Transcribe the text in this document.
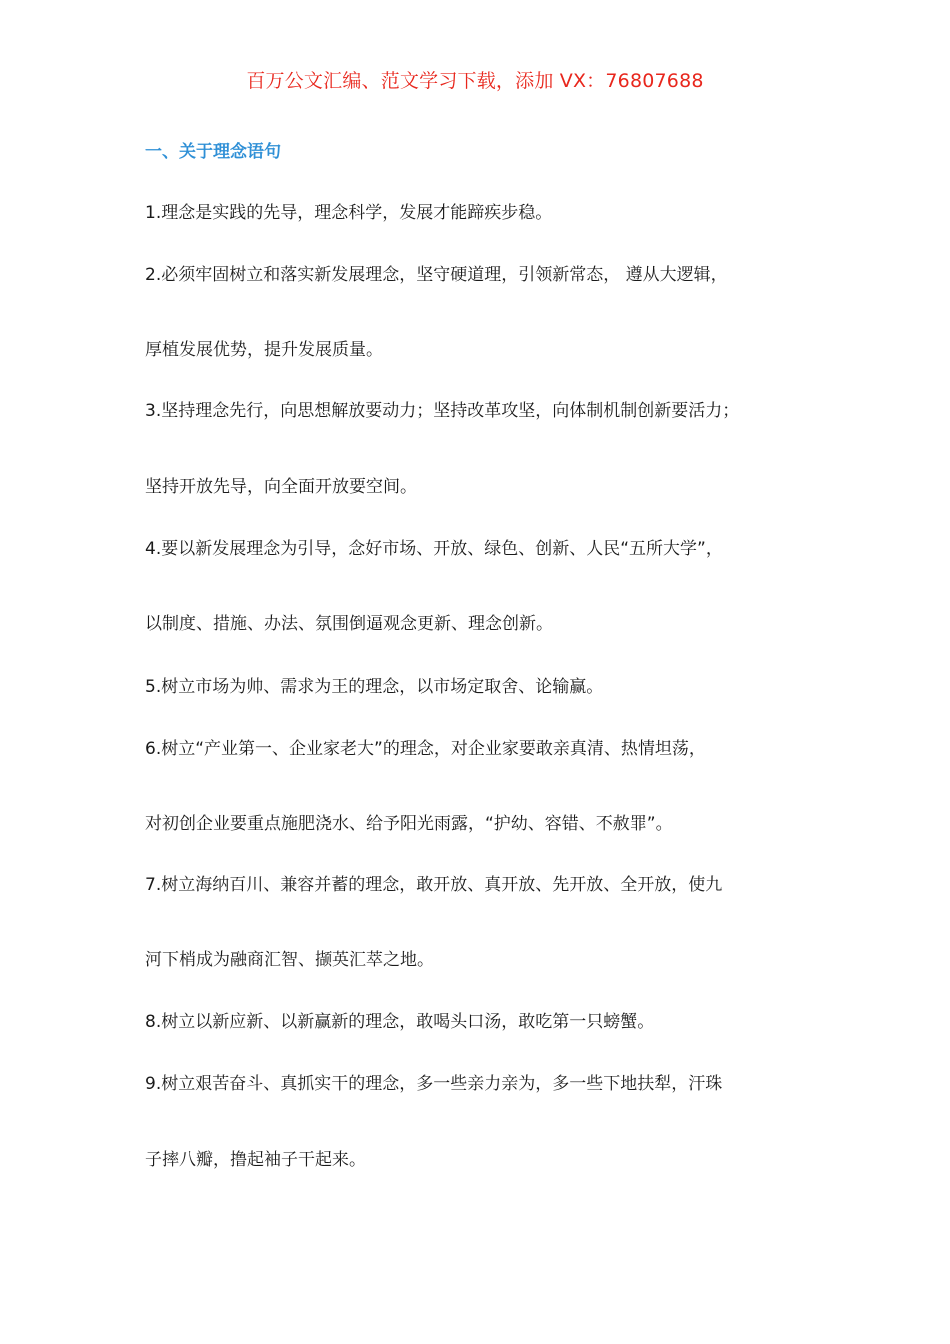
百万公文汇编、范文学习下载，添加 VX：76807688
一、关于理念语句
1.理念是实践的先导，理念科学，发展才能蹄疾步稳。
2.必须牢固树立和落实新发展理念，坚守硬道理，引领新常态， 遵从大逻辑，
厚植发展优势，提升发展质量。
3.坚持理念先行，向思想解放要动力；坚持改革攻坚，向体制机制创新要活力；
坚持开放先导，向全面开放要空间。
4.要以新发展理念为引导，念好市场、开放、绿色、创新、人民“五所大学”，
以制度、措施、办法、氛围倒逼观念更新、理念创新。
5.树立市场为帅、需求为王的理念，以市场定取舍、论输赢。
6.树立“产业第一、企业家老大”的理念，对企业家要敢亲真清、热情坦荡，
对初创企业要重点施肥浇水、给予阳光雨露，“护幼、容错、不赦罪”。
7.树立海纳百川、兼容并蓄的理念，敢开放、真开放、先开放、全开放，使九
河下梢成为融商汇智、撷英汇萃之地。
8.树立以新应新、以新赢新的理念，敢喝头口汤，敢吃第一只螃蟹。
9.树立艰苦奋斗、真抓实干的理念，多一些亲力亲为，多一些下地扶犁，汗珠
子摔八瓣，撸起袖子干起来。
